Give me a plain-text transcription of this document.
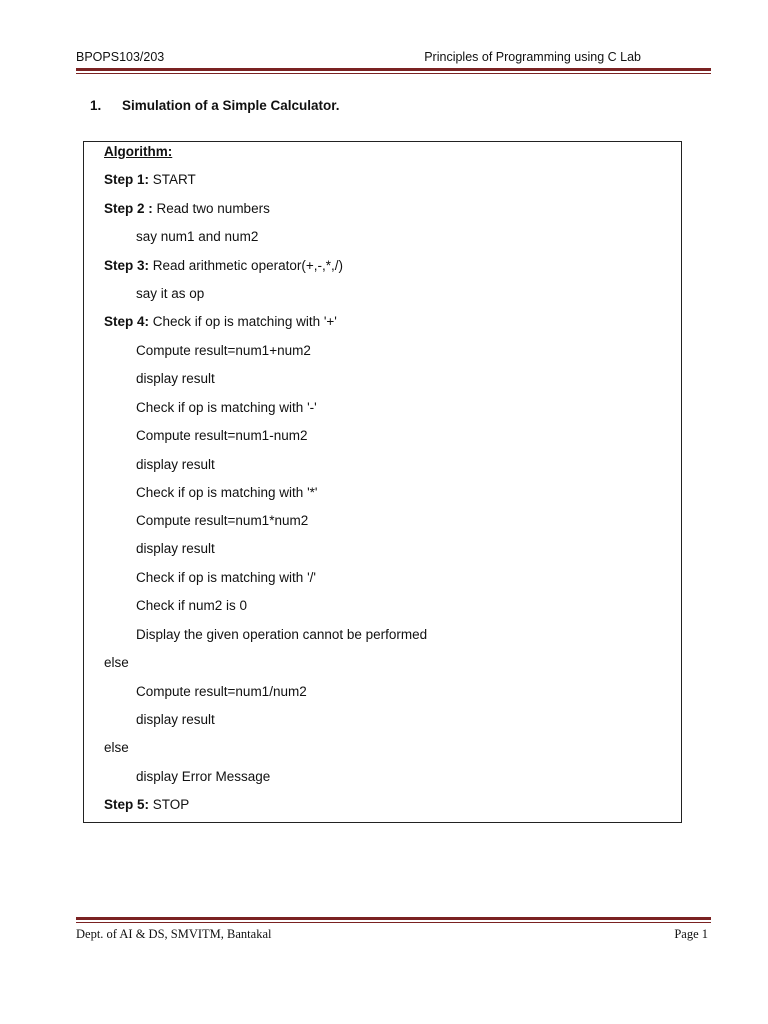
BPOPS103/203	Principles of Programming using C Lab
1. Simulation of a Simple Calculator.
Algorithm:
Step 1: START
Step 2 : Read two numbers
say num1 and num2
Step 3: Read arithmetic operator(+,-,*,/)
say it as op
Step 4: Check if op is matching with '+'
Compute result=num1+num2
display result
Check if op is matching with '-'
Compute result=num1-num2
display result
Check if op is matching with '*'
Compute result=num1*num2
display result
Check if op is matching with '/'
Check if num2 is 0
Display the given operation cannot be performed
else
Compute result=num1/num2
display result
else
display Error Message
Step 5: STOP
Dept. of AI & DS, SMVITM, Bantakal	Page 1
